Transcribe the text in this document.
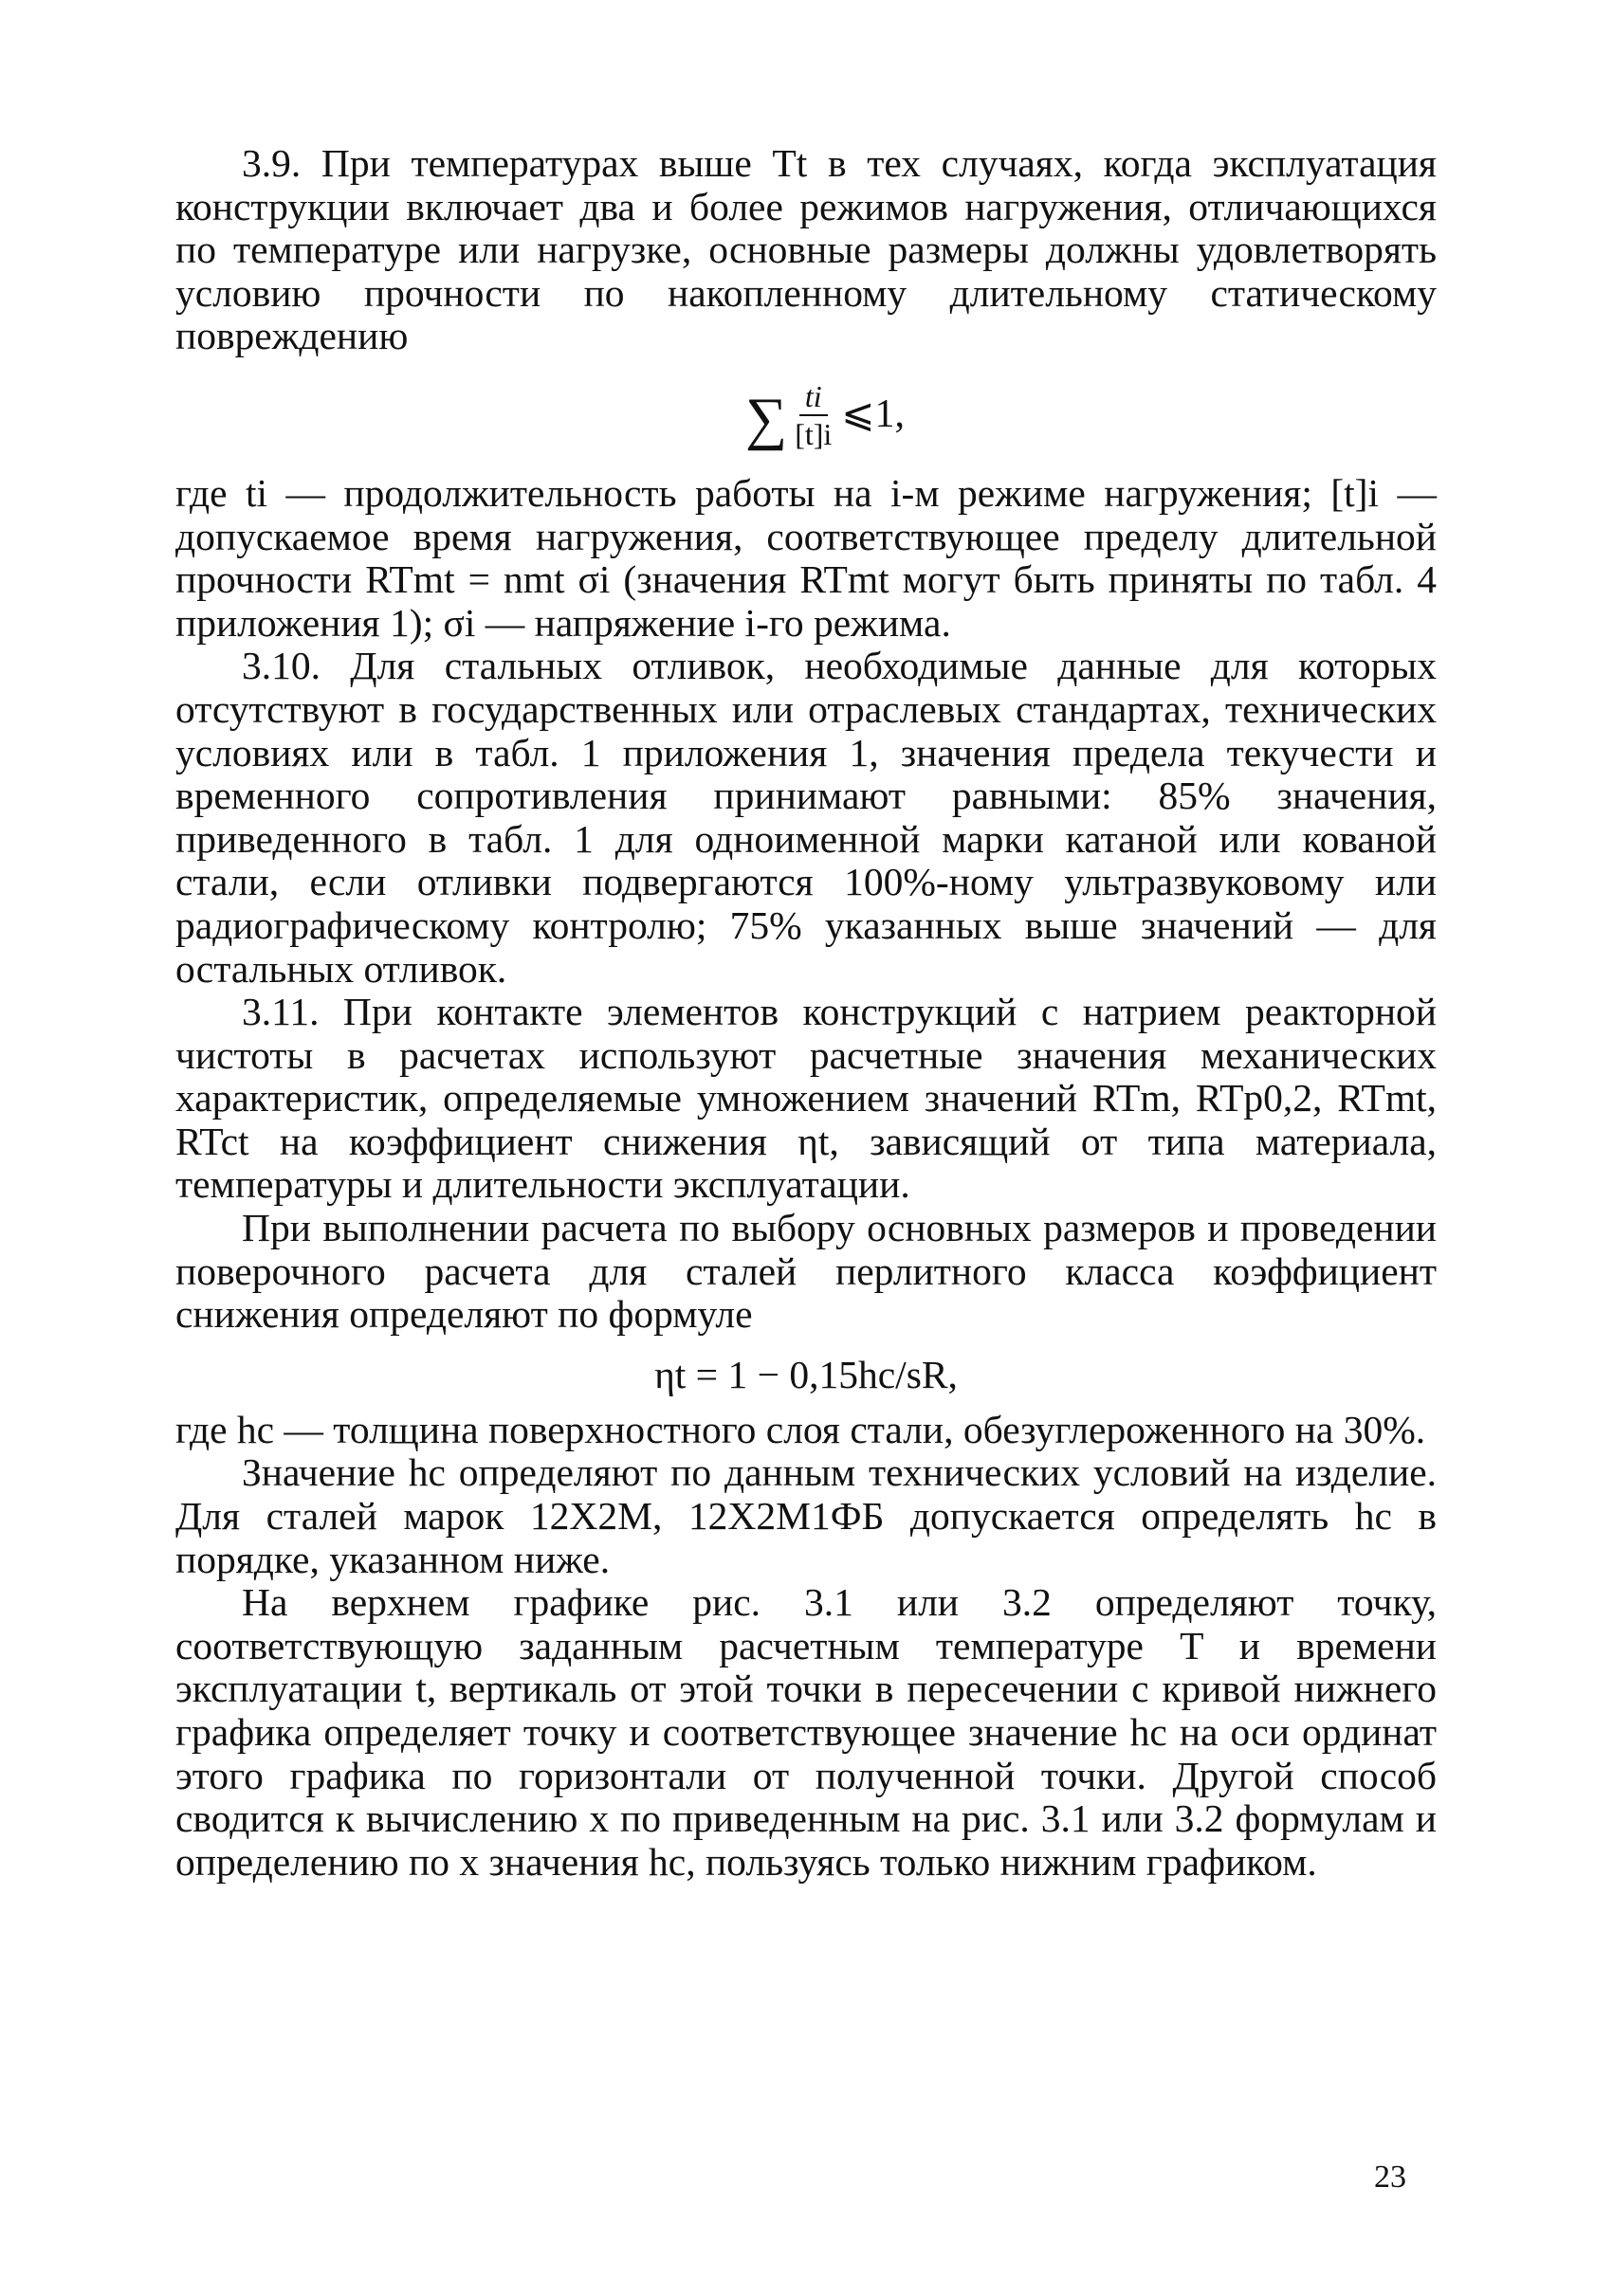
3.9. При температурах выше Tt в тех случаях, когда эксплуатация конструкции включает два и более режимов нагружения, отличающихся по температуре или нагрузке, основные размеры должны удовлетворять условию прочности по накопленному длительному статическому повреждению

∑ $\frac{ti}{[t]i}$ ⩽1,

где ti — продолжительность работы на i-м режиме нагружения; [t]i — допускаемое время нагружения, соответствующее пределу длительной прочности RTmt = nmt σi (значения RTmt могут быть приняты по табл. 4 приложения 1); σi — напряжение i-го режима.

3.10. Для стальных отливок, необходимые данные для которых отсутствуют в государственных или отраслевых стандартах, технических условиях или в табл. 1 приложения 1, значения предела текучести и временного сопротивления принимают равными: 85% значения, приведенного в табл. 1 для одноименной марки катаной или кованой стали, если отливки подвергаются 100%-ному ультразвуковому или радиографическому контролю; 75% указанных выше значений — для остальных отливок.

3.11. При контакте элементов конструкций с натрием реакторной чистоты в расчетах используют расчетные значения механических характеристик, определяемые умножением значений RTm, RTp0,2, RTmt, RTct на коэффициент снижения ηt, зависящий от типа материала, температуры и длительности эксплуатации.

При выполнении расчета по выбору основных размеров и проведении поверочного расчета для сталей перлитного класса коэффициент снижения определяют по формуле

ηt = 1 − 0,15hc/sR,

где hc — толщина поверхностного слоя стали, обезуглероженного на 30%.

Значение hc определяют по данным технических условий на изделие. Для сталей марок 12Х2М, 12Х2М1ФБ допускается определять hc в порядке, указанном ниже.

На верхнем графике рис. 3.1 или 3.2 определяют точку, соответствующую заданным расчетным температуре T и времени эксплуатации t, вертикаль от этой точки в пересечении с кривой нижнего графика определяет точку и соответствующее значение hc на оси ординат этого графика по горизонтали от полученной точки. Другой способ сводится к вычислению x по приведенным на рис. 3.1 или 3.2 формулам и определению по x значения hc, пользуясь только нижним графиком.

23
